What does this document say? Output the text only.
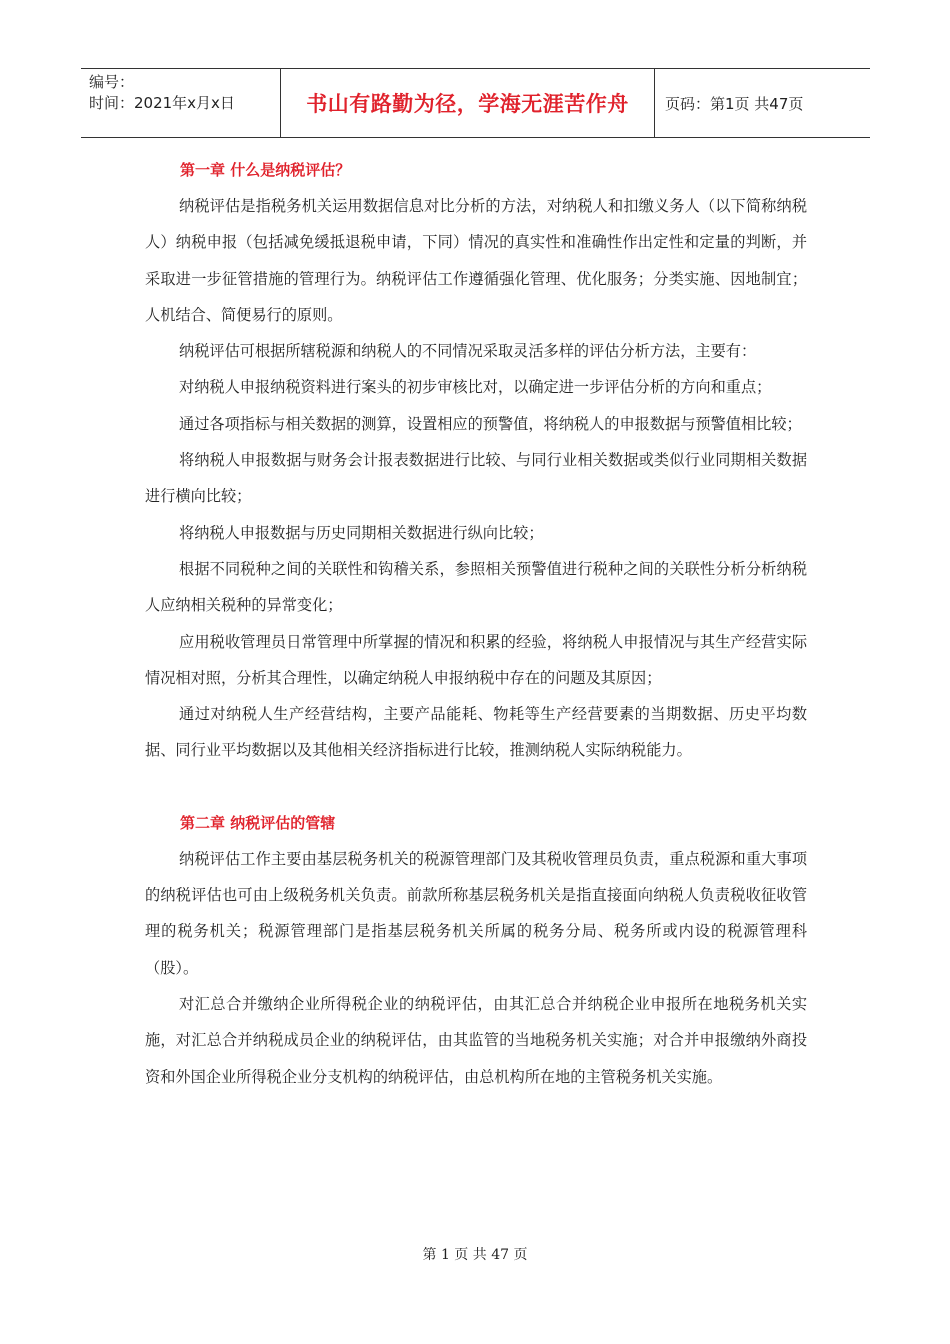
编号：
时间：2021年x月x日	书山有路勤为径，学海无涯苦作舟	页码：第1页 共47页
第一章 什么是纳税评估？

纳税评估是指税务机关运用数据信息对比分析的方法，对纳税人和扣缴义务人（以下简称纳税人）纳税申报（包括减免缓抵退税申请，下同）情况的真实性和准确性作出定性和定量的判断，并采取进一步征管措施的管理行为。纳税评估工作遵循强化管理、优化服务；分类实施、因地制宜；人机结合、简便易行的原则。

纳税评估可根据所辖税源和纳税人的不同情况采取灵活多样的评估分析方法，主要有：

对纳税人申报纳税资料进行案头的初步审核比对，以确定进一步评估分析的方向和重点；

通过各项指标与相关数据的测算，设置相应的预警值，将纳税人的申报数据与预警值相比较；

将纳税人申报数据与财务会计报表数据进行比较、与同行业相关数据或类似行业同期相关数据进行横向比较；

将纳税人申报数据与历史同期相关数据进行纵向比较；

根据不同税种之间的关联性和钩稽关系，参照相关预警值进行税种之间的关联性分析分析纳税人应纳相关税种的异常变化；

应用税收管理员日常管理中所掌握的情况和积累的经验，将纳税人申报情况与其生产经营实际情况相对照，分析其合理性，以确定纳税人申报纳税中存在的问题及其原因；

通过对纳税人生产经营结构，主要产品能耗、物耗等生产经营要素的当期数据、历史平均数据、同行业平均数据以及其他相关经济指标进行比较，推测纳税人实际纳税能力。

第二章 纳税评估的管辖

纳税评估工作主要由基层税务机关的税源管理部门及其税收管理员负责，重点税源和重大事项的纳税评估也可由上级税务机关负责。前款所称基层税务机关是指直接面向纳税人负责税收征收管理的税务机关；税源管理部门是指基层税务机关所属的税务分局、税务所或内设的税源管理科（股）。

对汇总合并缴纳企业所得税企业的纳税评估，由其汇总合并纳税企业申报所在地税务机关实施，对汇总合并纳税成员企业的纳税评估，由其监管的当地税务机关实施；对合并申报缴纳外商投资和外国企业所得税企业分支机构的纳税评估，由总机构所在地的主管税务机关实施。

第 1 页 共 47 页
